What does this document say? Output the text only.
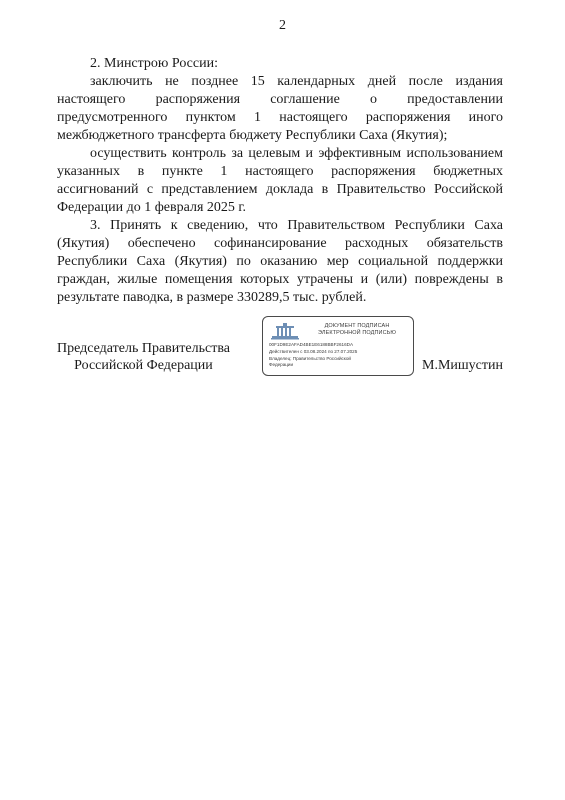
2

2. Минстрою России:

заключить не позднее 15 календарных дней после издания настоящего распоряжения соглашение о предоставлении предусмотренного пунктом 1 настоящего распоряжения иного межбюджетного трансферта бюджету Республики Саха (Якутия);

осуществить контроль за целевым и эффективным использованием указанных в пункте 1 настоящего распоряжения бюджетных ассигнований с представлением доклада в Правительство Российской Федерации до 1 февраля 2025 г.

3. Принять к сведению, что Правительством Республики Саха (Якутия) обеспечено софинансирование расходных обязательств Республики Саха (Якутия) по оказанию мер социальной поддержки граждан, жилые помещения которых утрачены и (или) повреждены в результате паводка, в размере 330289,5 тыс. рублей.

Председатель Правительства
Российской Федерации
ДОКУМЕНТ ПОДПИСАН
ЭЛЕКТРОННОЙ ПОДПИСЬЮ
00F1D9E2AFAD4BE1E6188BBF2616DA
Действителен с 03.08.2024 по 27.07.2025
Владелец: Правительство Российской
Федерации	М.Мишустин
